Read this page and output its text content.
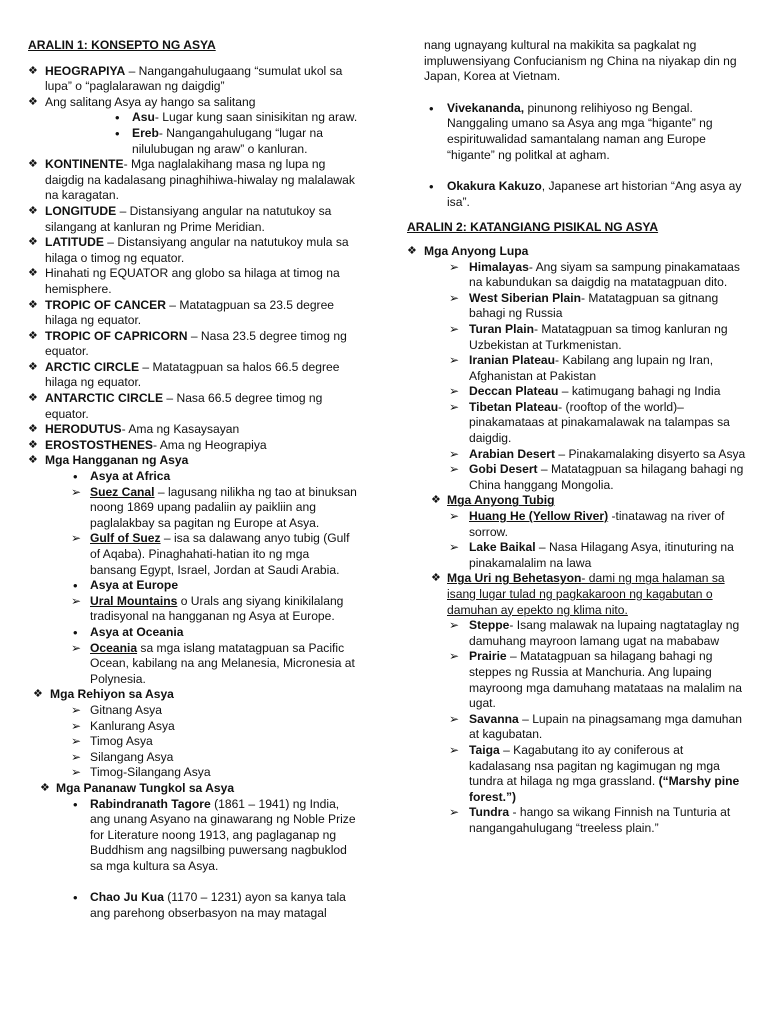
ARALIN 1: KONSEPTO NG ASYA
❖ HEOGRAPIYA – Nangangahulugaang “sumulat ukol sa lupa” o “paglalarawan ng daigdig”
❖ Ang salitang Asya ay hango sa salitang
• Asu- Lugar kung saan sinisikitan ng araw.
• Ereb- Nangangahulugang “lugar na nilulubugan ng araw” o kanluran.
❖ KONTINENTE- Mga naglalakihang masa ng lupa ng daigdig na kadalasang pinaghihiwa-hiwalay ng malalawak na karagatan.
❖ LONGITUDE – Distansiyang angular na natutukoy sa silangang at kanluran ng Prime Meridian.
❖ LATITUDE – Distansiyang angular na natutukoy mula sa hilaga o timog ng equator.
❖ Hinahati ng EQUATOR ang globo sa hilaga at timog na hemisphere.
❖ TROPIC OF CANCER – Matatagpuan sa 23.5 degree hilaga ng equator.
❖ TROPIC OF CAPRICORN – Nasa 23.5 degree timog ng equator.
❖ ARCTIC CIRCLE – Matatagpuan sa halos 66.5 degree hilaga ng equator.
❖ ANTARCTIC CIRCLE – Nasa 66.5 degree timog ng equator.
❖ HERODUTUS- Ama ng Kasaysayan
❖ EROSTOSTHENES- Ama ng Heograpiya
❖ Mga Hangganan ng Asya
• Asya at Africa
➢ Suez Canal – lagusang nilikha ng tao at binuksan noong 1869 upang padaliin ay paikliin ang paglalakbay sa pagitan ng Europe at Asya.
➢ Gulf of Suez – isa sa dalawang anyo tubig (Gulf of Aqaba). Pinaghahati-hatian ito ng mga bansang Egypt, Israel, Jordan at Saudi Arabia.
• Asya at Europe
➢ Ural Mountains o Urals ang siyang kinikilalang tradisyonal na hangganan ng Asya at Europe.
• Asya at Oceania
➢ Oceania sa mga islang matatagpuan sa Pacific Ocean, kabilang na ang Melanesia, Micronesia at Polynesia.
❖ Mga Rehiyon sa Asya
➢ Gitnang Asya
➢ Kanlurang Asya
➢ Timog Asya
➢ Silangang Asya
➢ Timog-Silangang Asya
❖ Mga Pananaw Tungkol sa Asya
• Rabindranath Tagore (1861 – 1941) ng India, ang unang Asyano na ginawarang ng Noble Prize for Literature noong 1913, ang paglaganap ng Buddhism ang nagsilbing puwersang nagbuklod sa mga kultura sa Asya.
• Chao Ju Kua (1170 – 1231) ayon sa kanya tala ang parehong obserbasyon na may matagal
nang ugnayang kultural na makikita sa pagkalat ng impluwensiyang Confucianism ng China na niyakap din ng Japan, Korea at Vietnam.
• Vivekananda, pinunong relihiyoso ng Bengal. Nanggaling umano sa Asya ang mga “higante” ng espirituwalidad samantalang naman ang Europe “higante” ng politkal at agham.
• Okakura Kakuzo, Japanese art historian “Ang asya ay isa”.
ARALIN 2: KATANGIANG PISIKAL NG ASYA
❖ Mga Anyong Lupa
➢ Himalayas- Ang siyam sa sampung pinakamataas na kabundukan sa daigdig na matatagpuan dito.
➢ West Siberian Plain- Matatagpuan sa gitnang bahagi ng Russia
➢ Turan Plain- Matatagpuan sa timog kanluran ng Uzbekistan at Turkmenistan.
➢ Iranian Plateau- Kabilang ang lupain ng Iran, Afghanistan at Pakistan
➢ Deccan Plateau – katimugang bahagi ng India
➢ Tibetan Plateau- (rooftop of the world)– pinakamataas at pinakamalawak na talampas sa daigdig.
➢ Arabian Desert – Pinakamalaking disyerto sa Asya
➢ Gobi Desert – Matatagpuan sa hilagang bahagi ng China hanggang Mongolia.
❖ Mga Anyong Tubig
➢ Huang He (Yellow River) -tinatawag na river of sorrow.
➢ Lake Baikal – Nasa Hilagang Asya, itinuturing na pinakamalalim na lawa
❖ Mga Uri ng Behetasyon- dami ng mga halaman sa isang lugar tulad ng pagkakaroon ng kagabutan o damuhan ay epekto ng klima nito.
➢ Steppe- Isang malawak na lupaing nagtataglay ng damuhang mayroon lamang ugat na mababaw
➢ Prairie – Matatagpuan sa hilagang bahagi ng steppes ng Russia at Manchuria. Ang lupaing mayroong mga damuhang matataas na malalim na ugat.
➢ Savanna – Lupain na pinagsamang mga damuhan at kagubatan.
➢ Taiga – Kagabutang ito ay coniferous at kadalasang nsa pagitan ng kagimugan ng mga tundra at hilaga ng mga grassland. (“Marshy pine forest.”)
➢ Tundra - hango sa wikang Finnish na Tunturia at nangangahulugang “treeless plain.”
